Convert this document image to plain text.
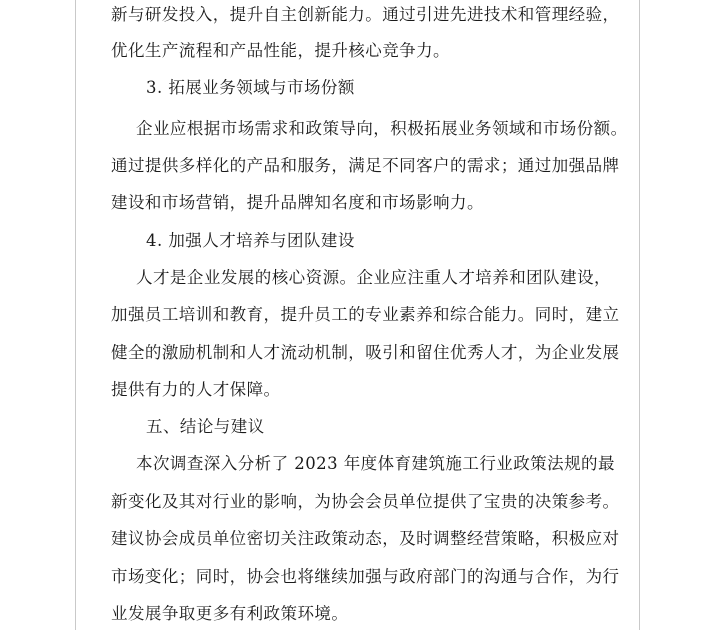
新与研发投入，提升自主创新能力。通过引进先进技术和管理经验，
优化生产流程和产品性能，提升核心竞争力。
3. 拓展业务领域与市场份额
企业应根据市场需求和政策导向，积极拓展业务领域和市场份额。
通过提供多样化的产品和服务，满足不同客户的需求；通过加强品牌
建设和市场营销，提升品牌知名度和市场影响力。
4. 加强人才培养与团队建设
人才是企业发展的核心资源。企业应注重人才培养和团队建设，
加强员工培训和教育，提升员工的专业素养和综合能力。同时，建立
健全的激励机制和人才流动机制，吸引和留住优秀人才，为企业发展
提供有力的人才保障。
五、结论与建议
本次调查深入分析了 2023 年度体育建筑施工行业政策法规的最
新变化及其对行业的影响，为协会会员单位提供了宝贵的决策参考。
建议协会成员单位密切关注政策动态，及时调整经营策略，积极应对
市场变化；同时，协会也将继续加强与政府部门的沟通与合作，为行
业发展争取更多有利政策环境。
